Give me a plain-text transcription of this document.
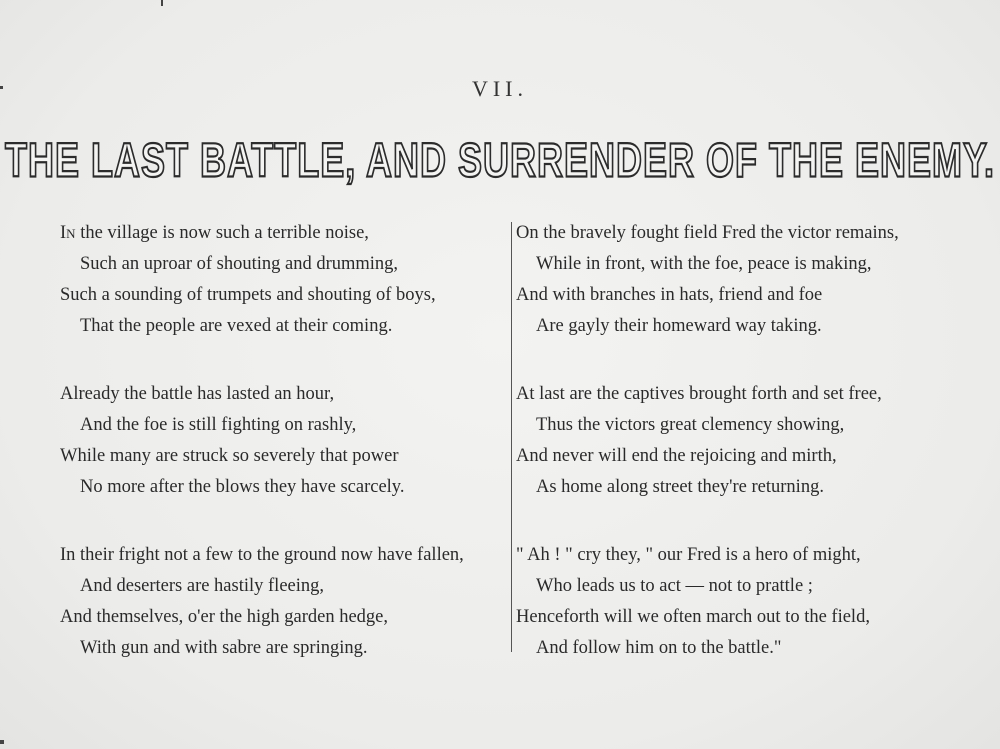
VII.
THE LAST BATTLE, AND SURRENDER OF THE ENEMY.
In the village is now such a terrible noise,
Such an uproar of shouting and drumming,
Such a sounding of trumpets and shouting of boys,
That the people are vexed at their coming.
Already the battle has lasted an hour,
And the foe is still fighting on rashly,
While many are struck so severely that power
No more after the blows they have scarcely.
In their fright not a few to the ground now have fallen,
And deserters are hastily fleeing,
And themselves, o'er the high garden hedge,
With gun and with sabre are springing.
On the bravely fought field Fred the victor remains,
While in front, with the foe, peace is making,
And with branches in hats, friend and foe
Are gayly their homeward way taking.
At last are the captives brought forth and set free,
Thus the victors great clemency showing,
And never will end the rejoicing and mirth,
As home along street they're returning.
" Ah ! " cry they, " our Fred is a hero of might,
Who leads us to act — not to prattle ;
Henceforth will we often march out to the field,
And follow him on to the battle."
